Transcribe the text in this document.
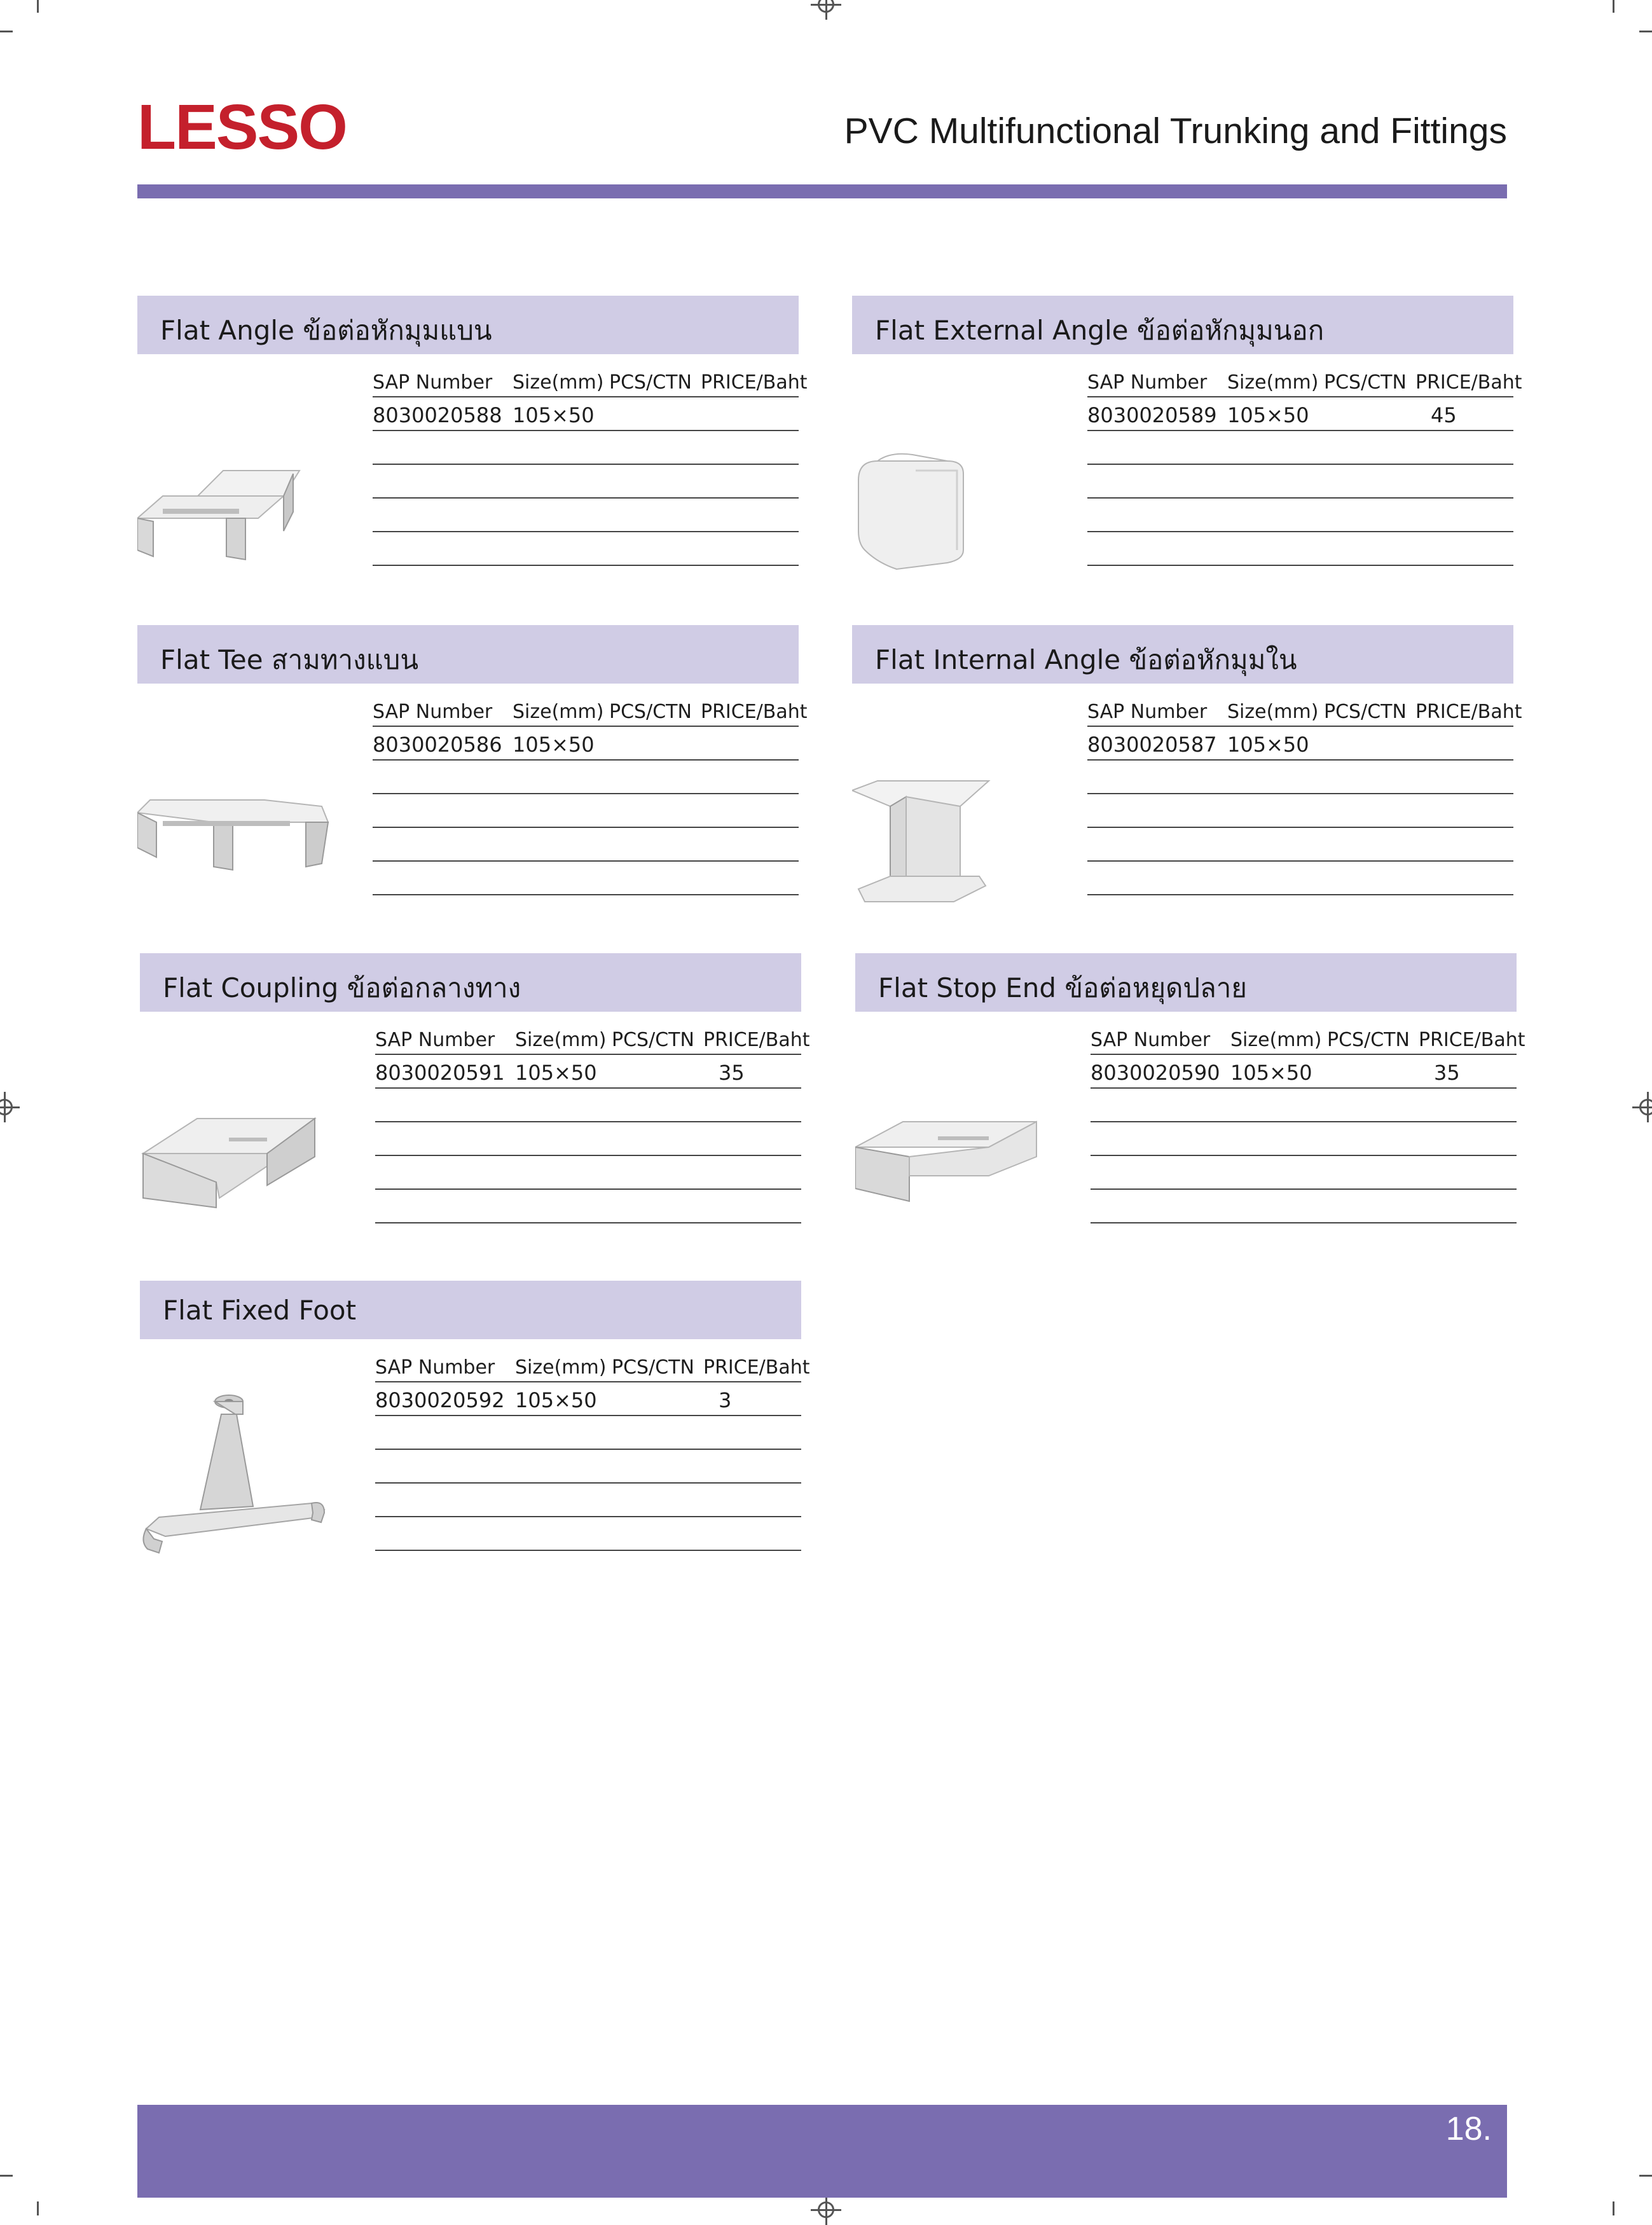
LESSO	PVC Multifunctional Trunking and Fittings
Flat Angle ข้อต่อหักมุมแบน
SAP Number Size(mm) PCS/CTN PRICE/Baht
8030020588 105×50
Flat External Angle ข้อต่อหักมุมนอก
SAP Number Size(mm) PCS/CTN PRICE/Baht
8030020589 105×50	45
Flat Tee สามทางแบน
SAP Number Size(mm) PCS/CTN PRICE/Baht
8030020586 105×50
Flat Internal Angle ข้อต่อหักมุมใน
SAP Number Size(mm) PCS/CTN PRICE/Baht
8030020587 105×50
Flat Coupling ข้อต่อกลางทาง
SAP Number Size(mm) PCS/CTN PRICE/Baht
8030020591 105×50	35
Flat Stop End ข้อต่อหยุดปลาย
SAP Number Size(mm) PCS/CTN PRICE/Baht
8030020590 105×50	35
Flat Fixed Foot
SAP Number Size(mm) PCS/CTN PRICE/Baht
8030020592 105×50	3
18.
